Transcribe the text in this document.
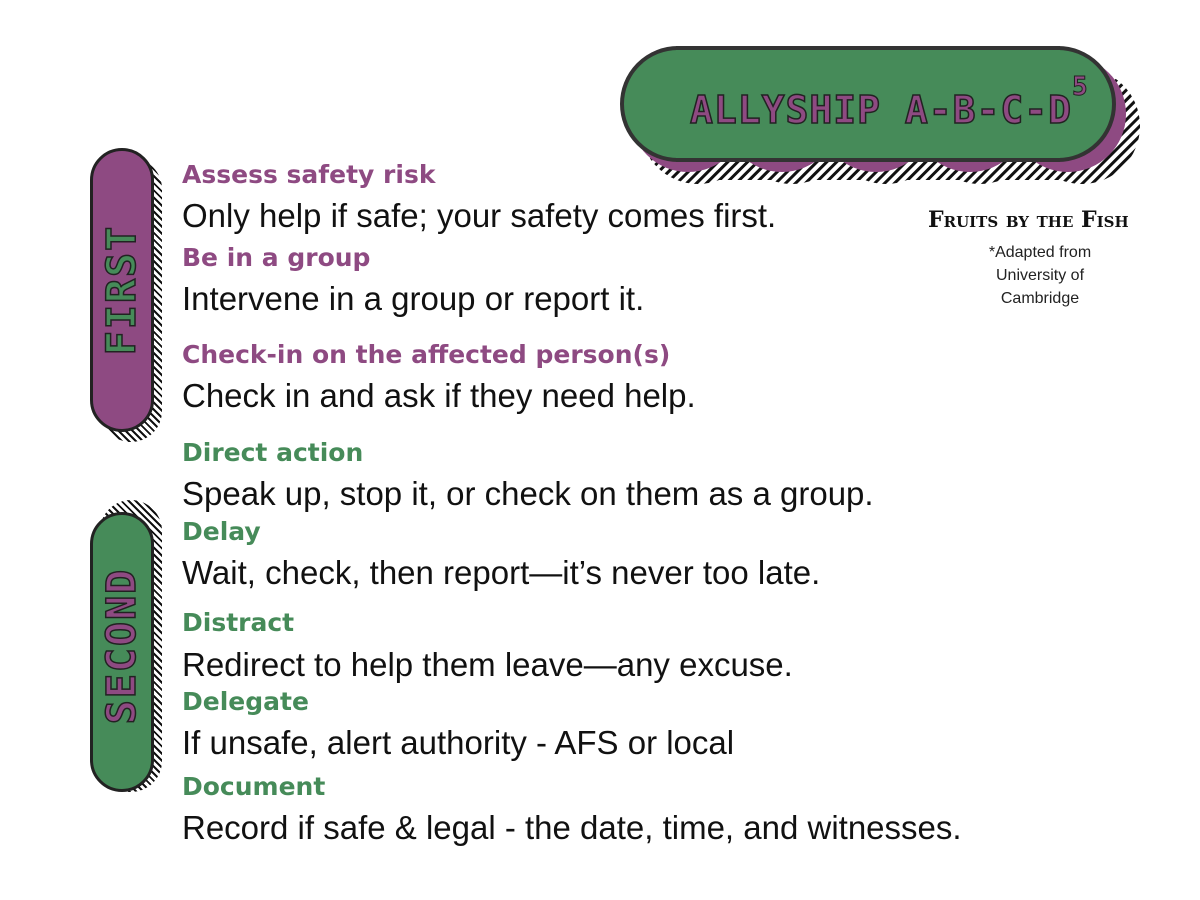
ALLYSHIP A-B-C-D
5
Fruits by the Fish
*Adapted from
University of
Cambridge
FIRST
SECOND
Assess safety risk
Only help if safe; your safety comes first.
Be in a group
Intervene in a group or report it.
Check-in on the affected person(s)
Check in and ask if they need help.
Direct action
Speak up, stop it, or check on them as a group.
Delay
Wait, check, then report—it’s never too late.
Distract
Redirect to help them leave—any excuse.
Delegate
If unsafe, alert authority - AFS or local
Document
Record if safe & legal - the date, time, and witnesses.
